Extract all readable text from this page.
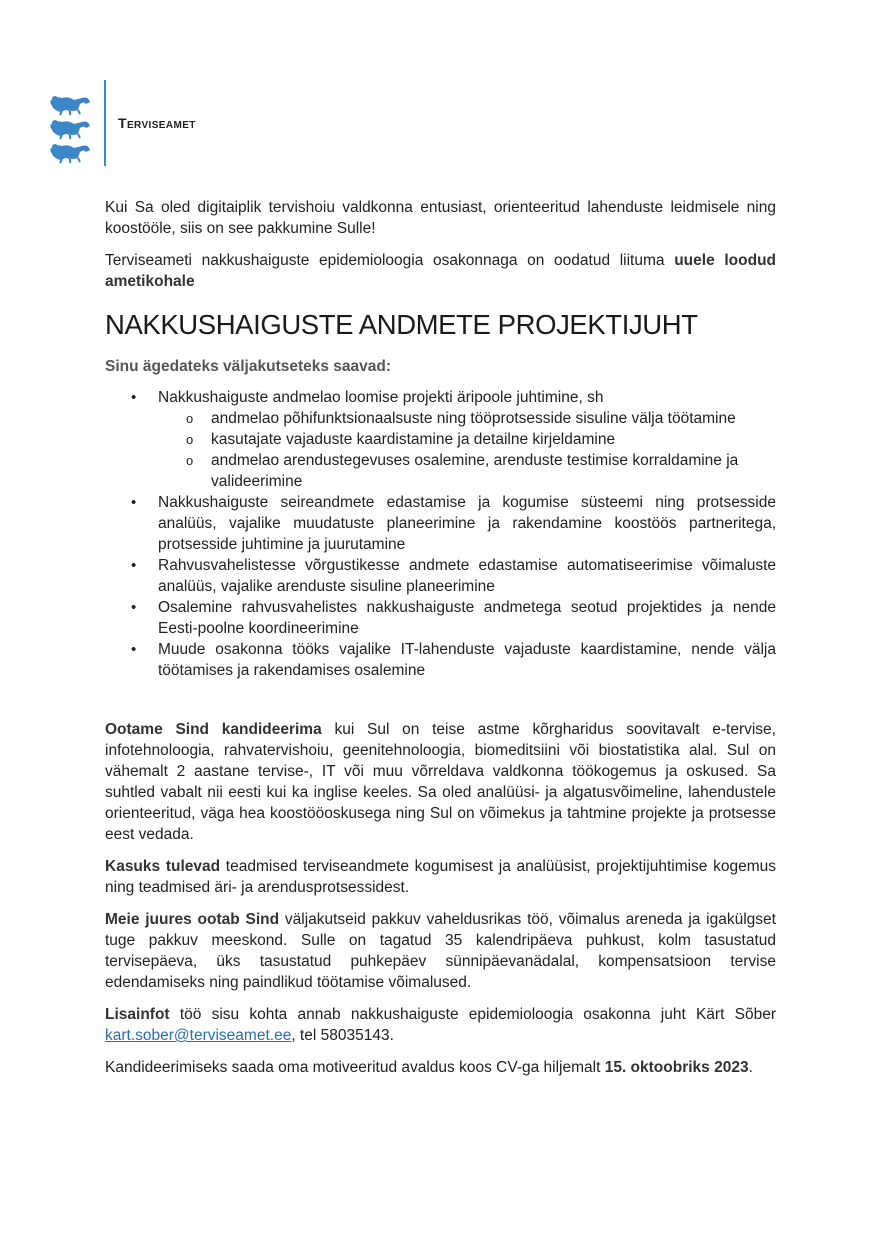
Terviseamet

Kui Sa oled digitaiplik tervishoiu valdkonna entusiast, orienteeritud lahenduste leidmisele ning koostööle, siis on see pakkumine Sulle!

Terviseameti nakkushaiguste epidemioloogia osakonnaga on oodatud liituma uuele loodud ametikohale

NAKKUSHAIGUSTE ANDMETE PROJEKTIJUHT

Sinu ägedateks väljakutseteks saavad:

• Nakkushaiguste andmelao loomise projekti äripoole juhtimine, sh
o andmelao põhifunktsionaalsuste ning tööprotsesside sisuline välja töötamine
o kasutajate vajaduste kaardistamine ja detailne kirjeldamine
o andmelao arendustegevuses osalemine, arenduste testimise korraldamine ja valideerimine
• Nakkushaiguste seireandmete edastamise ja kogumise süsteemi ning protsesside analüüs, vajalike muudatuste planeerimine ja rakendamine koostöös partneritega, protsesside juhtimine ja juurutamine
• Rahvusvahelistesse võrgustikesse andmete edastamise automatiseerimise võimaluste analüüs, vajalike arenduste sisuline planeerimine
• Osalemine rahvusvahelistes nakkushaiguste andmetega seotud projektides ja nende Eesti-poolne koordineerimine
• Muude osakonna tööks vajalike IT-lahenduste vajaduste kaardistamine, nende välja töötamises ja rakendamises osalemine

Ootame Sind kandideerima kui Sul on teise astme kõrgharidus soovitavalt e-tervise, infotehnoloogia, rahvatervishoiu, geenitehnoloogia, biomeditsiini või biostatistika alal. Sul on vähemalt 2 aastane tervise-, IT või muu võrreldava valdkonna töökogemus ja oskused. Sa suhtled vabalt nii eesti kui ka inglise keeles. Sa oled analüüsi- ja algatusvõimeline, lahendustele orienteeritud, väga hea koostööoskusega ning Sul on võimekus ja tahtmine projekte ja protsesse eest vedada.

Kasuks tulevad teadmised terviseandmete kogumisest ja analüüsist, projektijuhtimise kogemus ning teadmised äri- ja arendusprotsessidest.

Meie juures ootab Sind väljakutseid pakkuv vaheldusrikas töö, võimalus areneda ja igakülgset tuge pakkuv meeskond. Sulle on tagatud 35 kalendripäeva puhkust, kolm tasustatud tervisepäeva, üks tasustatud puhkepäev sünnipäevanädalal, kompensatsioon tervise edendamiseks ning paindlikud töötamise võimalused.

Lisainfot töö sisu kohta annab nakkushaiguste epidemioloogia osakonna juht Kärt Sõber kart.sober@terviseamet.ee, tel 58035143.

Kandideerimiseks saada oma motiveeritud avaldus koos CV-ga hiljemalt 15. oktoobriks 2023.
